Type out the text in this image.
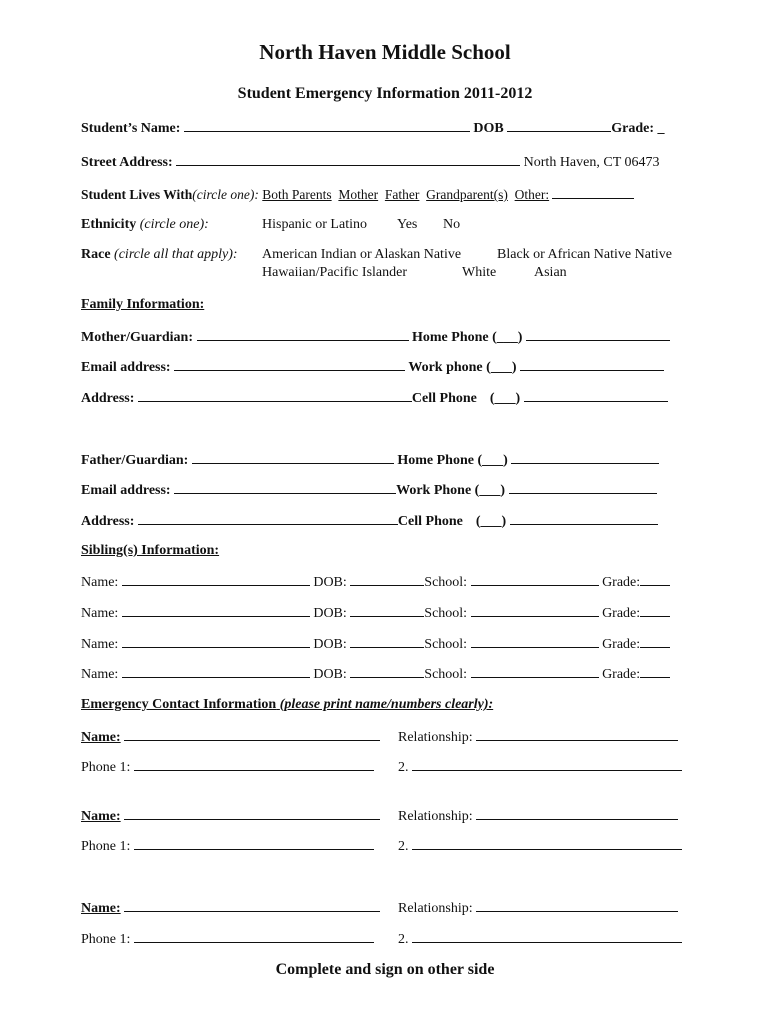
North Haven Middle School
Student Emergency Information 2011-2012
Student’s Name:	DOB	Grade: _
Street Address:	North Haven, CT 06473
Student Lives With(circle one): Both Parents Mother Father Grandparent(s) Other:
Ethnicity (circle one):	Hispanic or Latino Yes No
Race (circle all that apply): American Indian or Alaskan Native	Black or African Native Native
Hawaiian/Pacific Islander	White	Asian
Family Information:
Mother/Guardian:	Home Phone (___)
Email address:	Work phone (___)
Address:	Cell Phone (___)
Father/Guardian:	Home Phone (___)
Email address:	Work Phone (___)
Address:	Cell Phone (___)
Sibling(s) Information:
Name:	DOB:	School:	Grade:
Name:	DOB:	School:	Grade:
Name:	DOB:	School:	Grade:
Name:	DOB:	School:	Grade:
Emergency Contact Information (please print name/numbers clearly):
Name:	Relationship:
Phone 1:	2.
Name:	Relationship:
Phone 1:	2.
Name:	Relationship:
Phone 1:	2.
Complete and sign on other side
